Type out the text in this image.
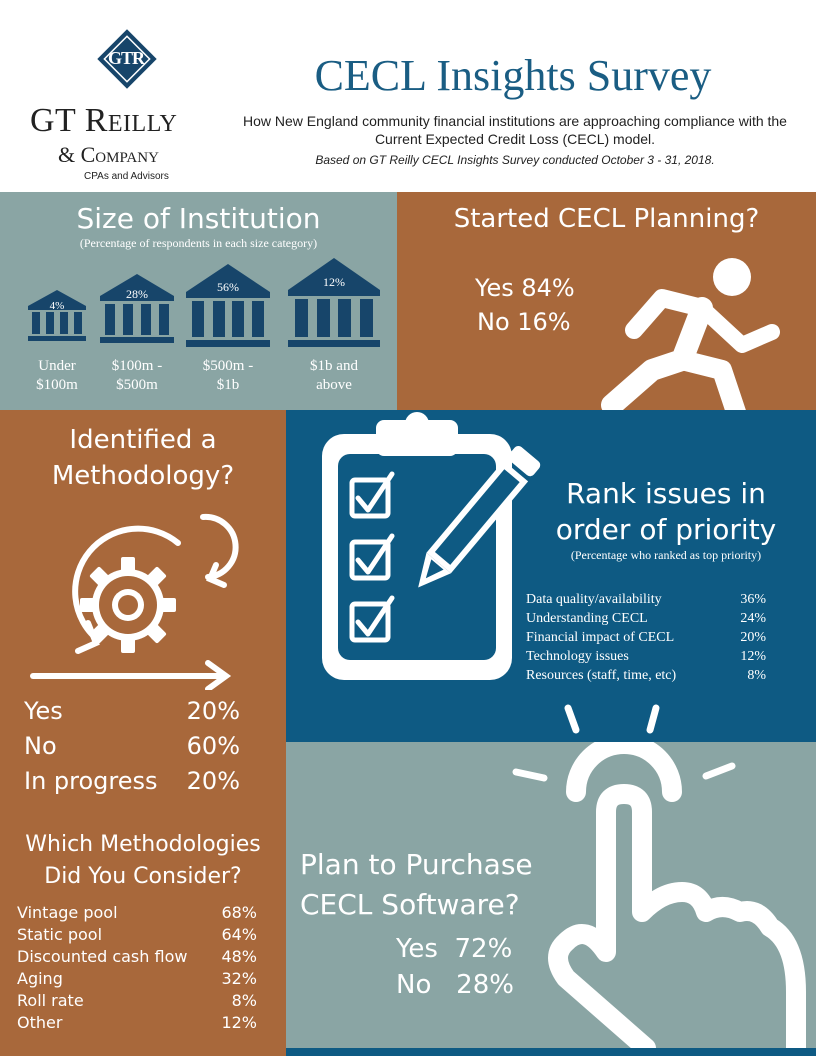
GTR
GT Reilly
& Company
CPAs and Advisors
CECL Insights Survey
How New England community financial institutions are approaching compliance with the Current Expected Credit Loss (CECL) model.
Based on GT Reilly CECL Insights Survey conducted October 3 - 31, 2018.
Size of Institution
(Percentage of respondents in each size category)
4%
28%	56%	12%
Under
$100m
$100m -
$500m
$500m -
$1b
$1b and
above
Started CECL Planning?
Yes 84%
No 16%
Identified a
Methodology?
Yes	20%
No	60%
In progress 20%
Which Methodologies
Did You Consider?
Vintage pool	68%
Static pool	64%
Discounted cash flow 48%
Aging	32%
Roll rate	8%
Other	12%
Rank issues in
order of priority
(Percentage who ranked as top priority)
Data quality/availability	36%
Understanding CECL	24%
Financial impact of CECL	20%
Technology issues	12%
Resources (staff, time, etc)	8%
Plan to Purchase
CECL Software?
Yes 72%
No 28%
